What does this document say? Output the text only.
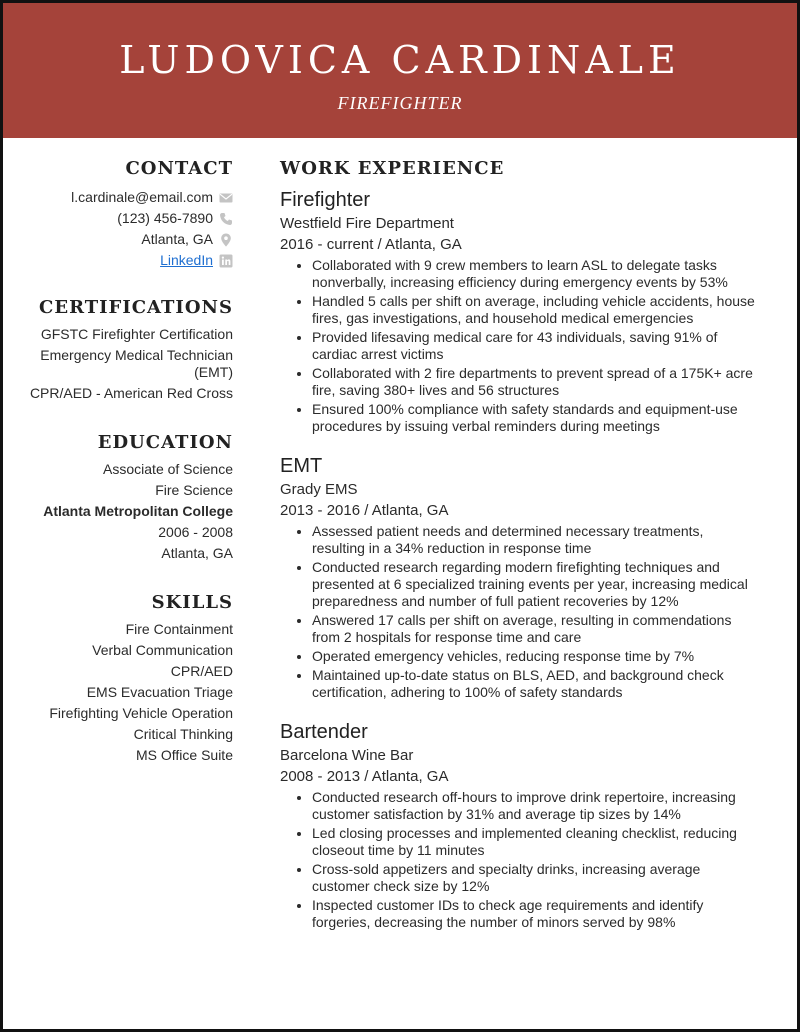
LUDOVICA CARDINALE
FIREFIGHTER
CONTACT
l.cardinale@email.com
(123) 456-7890
Atlanta, GA
LinkedIn
CERTIFICATIONS
GFSTC Firefighter Certification
Emergency Medical Technician (EMT)
CPR/AED - American Red Cross
EDUCATION
Associate of Science
Fire Science
Atlanta Metropolitan College
2006 - 2008
Atlanta, GA
SKILLS
Fire Containment
Verbal Communication
CPR/AED
EMS Evacuation Triage
Firefighting Vehicle Operation
Critical Thinking
MS Office Suite
WORK EXPERIENCE
Firefighter
Westfield Fire Department
2016 - current / Atlanta, GA
• Collaborated with 9 crew members to learn ASL to delegate tasks nonverbally, increasing efficiency during emergency events by 53%
• Handled 5 calls per shift on average, including vehicle accidents, house fires, gas investigations, and household medical emergencies
• Provided lifesaving medical care for 43 individuals, saving 91% of cardiac arrest victims
• Collaborated with 2 fire departments to prevent spread of a 175K+ acre fire, saving 380+ lives and 56 structures
• Ensured 100% compliance with safety standards and equipment-use procedures by issuing verbal reminders during meetings
EMT
Grady EMS
2013 - 2016 / Atlanta, GA
• Assessed patient needs and determined necessary treatments, resulting in a 34% reduction in response time
• Conducted research regarding modern firefighting techniques and presented at 6 specialized training events per year, increasing medical preparedness and number of full patient recoveries by 12%
• Answered 17 calls per shift on average, resulting in commendations from 2 hospitals for response time and care
• Operated emergency vehicles, reducing response time by 7%
• Maintained up-to-date status on BLS, AED, and background check certification, adhering to 100% of safety standards
Bartender
Barcelona Wine Bar
2008 - 2013 / Atlanta, GA
• Conducted research off-hours to improve drink repertoire, increasing customer satisfaction by 31% and average tip sizes by 14%
• Led closing processes and implemented cleaning checklist, reducing closeout time by 11 minutes
• Cross-sold appetizers and specialty drinks, increasing average customer check size by 12%
• Inspected customer IDs to check age requirements and identify forgeries, decreasing the number of minors served by 98%
